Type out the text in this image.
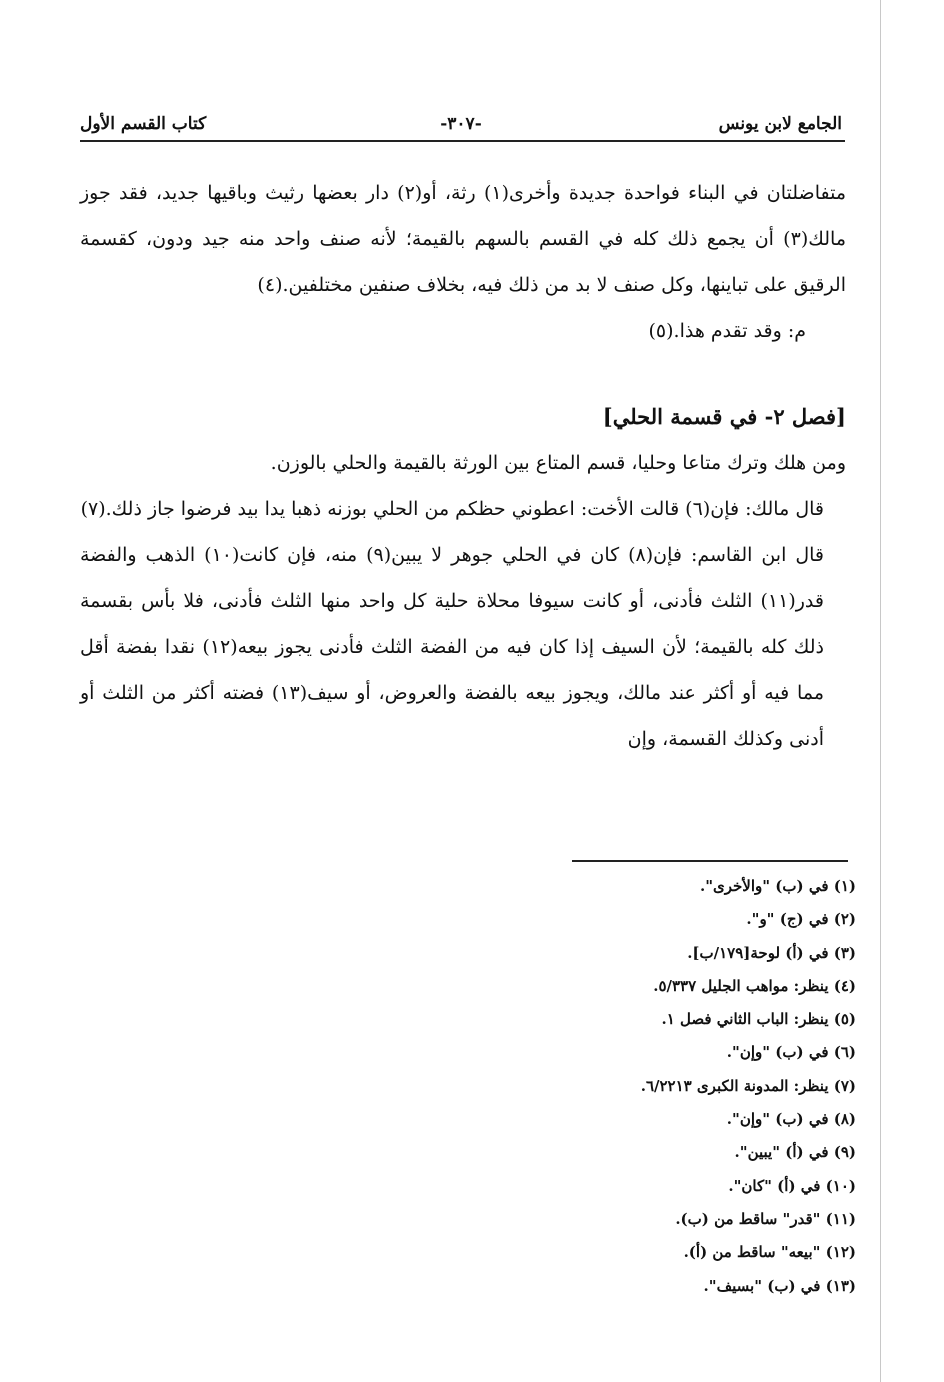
الجامع لابن يونس
-٣٠٧-
كتاب القسم الأول

متفاضلتان في البناء فواحدة جديدة وأخرى(١) رثة، أو(٢) دار بعضها رثيث وباقيها جديد، فقد جوز مالك(٣) أن يجمع ذلك كله في القسم بالسهم بالقيمة؛ لأنه صنف واحد منه جيد ودون، كقسمة الرقيق على تباينها، وكل صنف لا بد من ذلك فيه، بخلاف صنفين مختلفين.(٤)

م: وقد تقدم هذا.(٥)

[فصل ٢- في قسمة الحلي]

ومن هلك وترك متاعا وحليا، قسم المتاع بين الورثة بالقيمة والحلي بالوزن.

قال مالك: فإن(٦) قالت الأخت: اعطوني حظكم من الحلي بوزنه ذهبا يدا بيد فرضوا جاز ذلك.(٧)

قال ابن القاسم: فإن(٨) كان في الحلي جوهر لا يبين(٩) منه، فإن كانت(١٠) الذهب والفضة قدر(١١) الثلث فأدنى، أو كانت سيوفا محلاة حلية كل واحد منها الثلث فأدنى، فلا بأس بقسمة ذلك كله بالقيمة؛ لأن السيف إذا كان فيه من الفضة الثلث فأدنى يجوز بيعه(١٢) نقدا بفضة أقل مما فيه أو أكثر عند مالك، ويجوز بيعه بالفضة والعروض، أو سيف(١٣) فضته أكثر من الثلث أو أدنى وكذلك القسمة، وإن

(١) في (ب) "والأخرى".
(٢) في (ج) "و".
(٣) في (أ) لوحة[١٧٩/ب].
(٤) ينظر: مواهب الجليل ٥/٣٣٧.
(٥) ينظر: الباب الثاني فصل ١.
(٦) في (ب) "وإن".
(٧) ينظر: المدونة الكبرى ٦/٢٢١٣.
(٨) في (ب) "وإن".
(٩) في (أ) "يبين".
(١٠) في (أ) "كان".
(١١) "قدر" ساقط من (ب).
(١٢) "بيعه" ساقط من (أ).
(١٣) في (ب) "بسيف".
